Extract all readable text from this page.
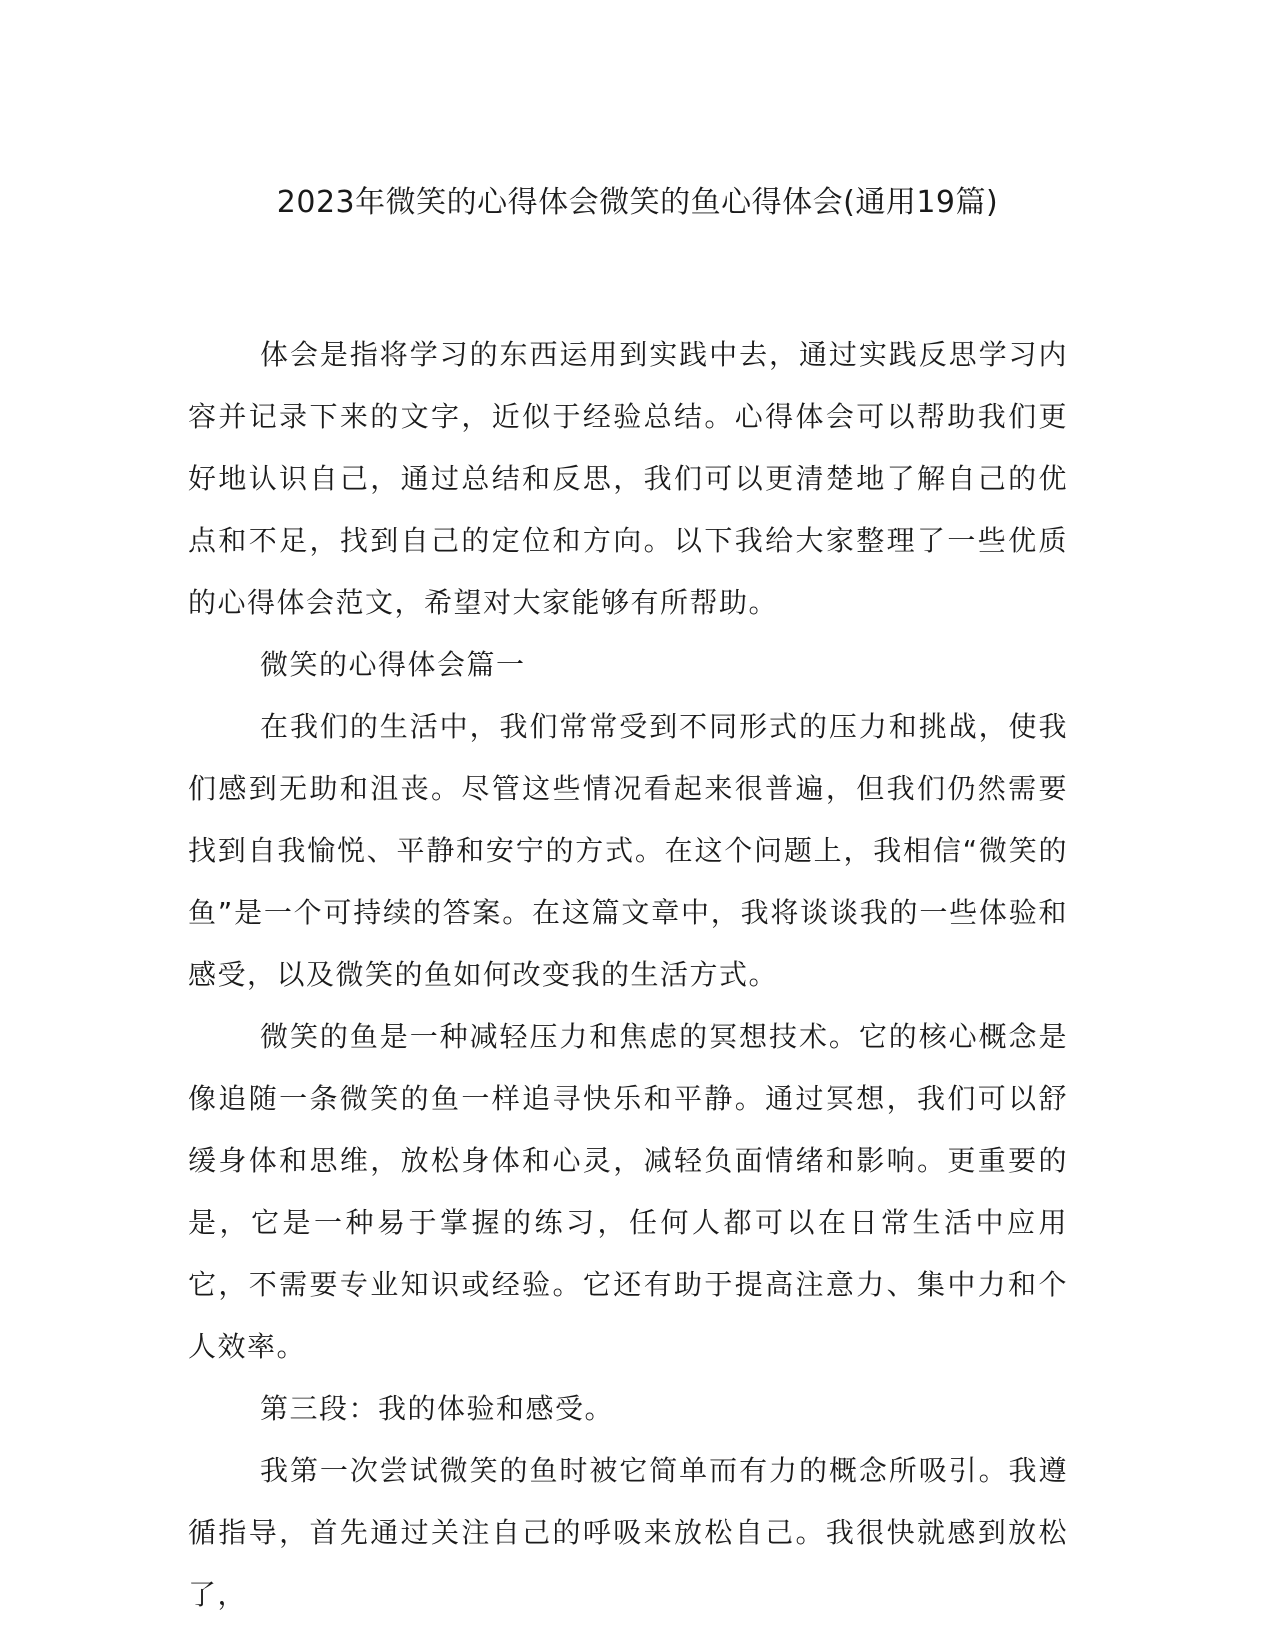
2023年微笑的心得体会微笑的鱼心得体会(通用19篇)

体会是指将学习的东西运用到实践中去，通过实践反思学习内容并记录下来的文字，近似于经验总结。心得体会可以帮助我们更好地认识自己，通过总结和反思，我们可以更清楚地了解自己的优点和不足，找到自己的定位和方向。以下我给大家整理了一些优质的心得体会范文，希望对大家能够有所帮助。

微笑的心得体会篇一

在我们的生活中，我们常常受到不同形式的压力和挑战，使我们感到无助和沮丧。尽管这些情况看起来很普遍，但我们仍然需要找到自我愉悦、平静和安宁的方式。在这个问题上，我相信“微笑的鱼”是一个可持续的答案。在这篇文章中，我将谈谈我的一些体验和感受，以及微笑的鱼如何改变我的生活方式。

微笑的鱼是一种减轻压力和焦虑的冥想技术。它的核心概念是像追随一条微笑的鱼一样追寻快乐和平静。通过冥想，我们可以舒缓身体和思维，放松身体和心灵，减轻负面情绪和影响。更重要的是，它是一种易于掌握的练习，任何人都可以在日常生活中应用它，不需要专业知识或经验。它还有助于提高注意力、集中力和个人效率。

第三段：我的体验和感受。

我第一次尝试微笑的鱼时被它简单而有力的概念所吸引。我遵循指导，首先通过关注自己的呼吸来放松自己。我很快就感到放松了，
